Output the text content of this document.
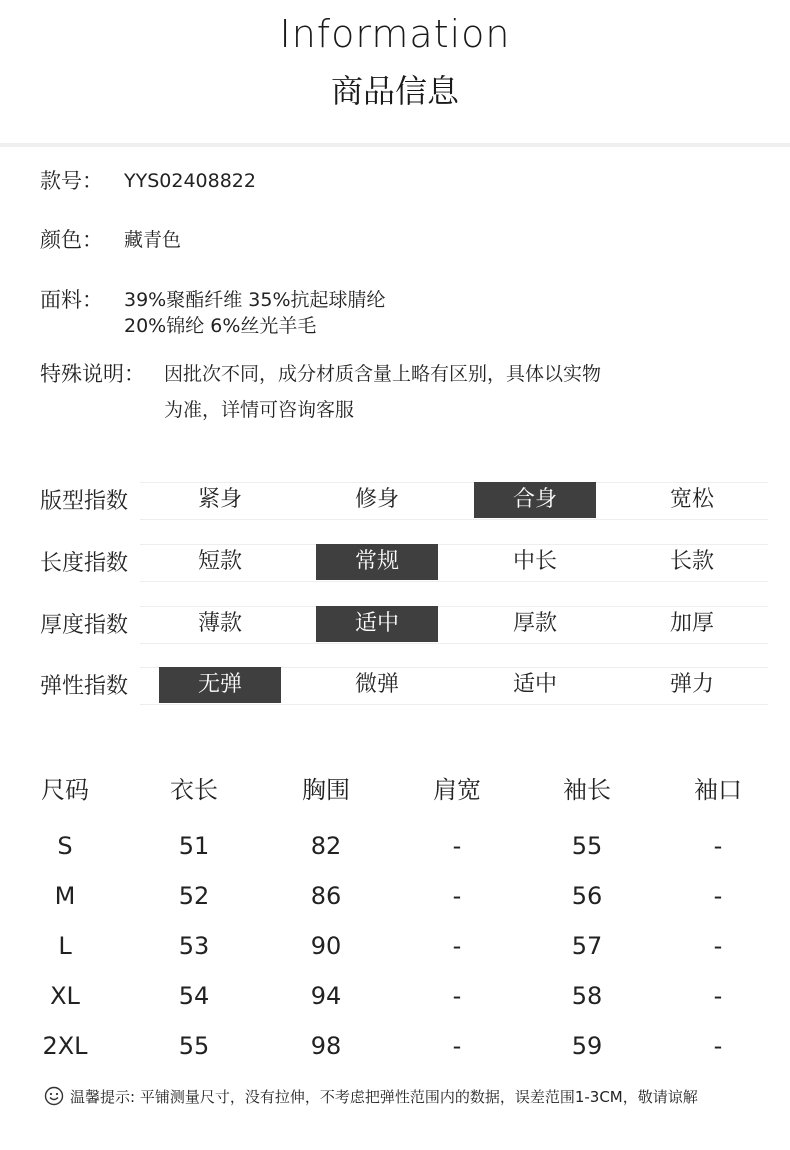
Information
商品信息
款号： YYS02408822
颜色： 藏青色
面料： 39%聚酯纤维 35%抗起球腈纶
20%锦纶 6%丝光羊毛
特殊说明： 因批次不同，成分材质含量上略有区别，具体以实物
为准，详情可咨询客服
版型指数	紧身	修身	合身	宽松
长度指数	短款	常规	中长	长款
厚度指数	薄款	适中	厚款	加厚
弹性指数	无弹	微弹	适中	弹力
尺码	衣长	胸围	肩宽	袖长	袖口
S	51	82	-	55	-
M	52	86	-	56	-
L	53	90	-	57	-
XL	54	94	-	58	-
2XL	55	98	-	59	-
温馨提示: 平铺测量尺寸，没有拉伸，不考虑把弹性范围内的数据，误差范围1-3CM，敬请谅解
